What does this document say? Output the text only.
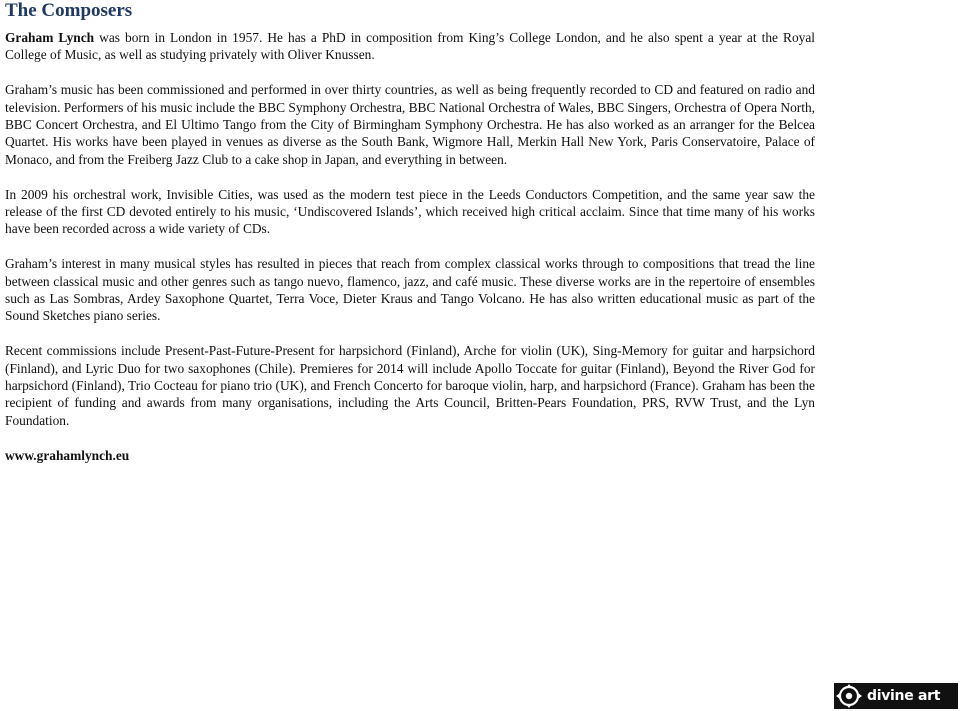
The Composers

Graham Lynch was born in London in 1957. He has a PhD in composition from King’s College London, and he also spent a year at the Royal College of Music, as well as studying privately with Oliver Knussen.

Graham’s music has been commissioned and performed in over thirty countries, as well as being frequently recorded to CD and featured on radio and television. Performers of his music include the BBC Symphony Orchestra, BBC National Orchestra of Wales, BBC Singers, Orchestra of Opera North, BBC Concert Orchestra, and El Ultimo Tango from the City of Birmingham Symphony Orchestra. He has also worked as an arranger for the Belcea Quartet. His works have been played in venues as diverse as the South Bank, Wigmore Hall, Merkin Hall New York, Paris Conservatoire, Palace of Monaco, and from the Freiberg Jazz Club to a cake shop in Japan, and everything in between.

In 2009 his orchestral work, Invisible Cities, was used as the modern test piece in the Leeds Conductors Competition, and the same year saw the release of the first CD devoted entirely to his music, ‘Undiscovered Islands’, which received high critical acclaim. Since that time many of his works have been recorded across a wide variety of CDs.

Graham’s interest in many musical styles has resulted in pieces that reach from complex classical works through to compositions that tread the line between classical music and other genres such as tango nuevo, flamenco, jazz, and café music. These diverse works are in the repertoire of ensembles such as Las Sombras, Ardey Saxophone Quartet, Terra Voce, Dieter Kraus and Tango Volcano. He has also written educational music as part of the Sound Sketches piano series.

Recent commissions include Present-Past-Future-Present for harpsichord (Finland), Arche for violin (UK), Sing-Memory for guitar and harpsichord (Finland), and Lyric Duo for two saxophones (Chile). Premieres for 2014 will include Apollo Toccate for guitar (Finland), Beyond the River God for harpsichord (Finland), Trio Cocteau for piano trio (UK), and French Concerto for baroque violin, harp, and harpsichord (France). Graham has been the recipient of funding and awards from many organisations, including the Arts Council, Britten-Pears Foundation, PRS, RVW Trust, and the Lyn Foundation.

www.grahamlynch.eu

divine art
